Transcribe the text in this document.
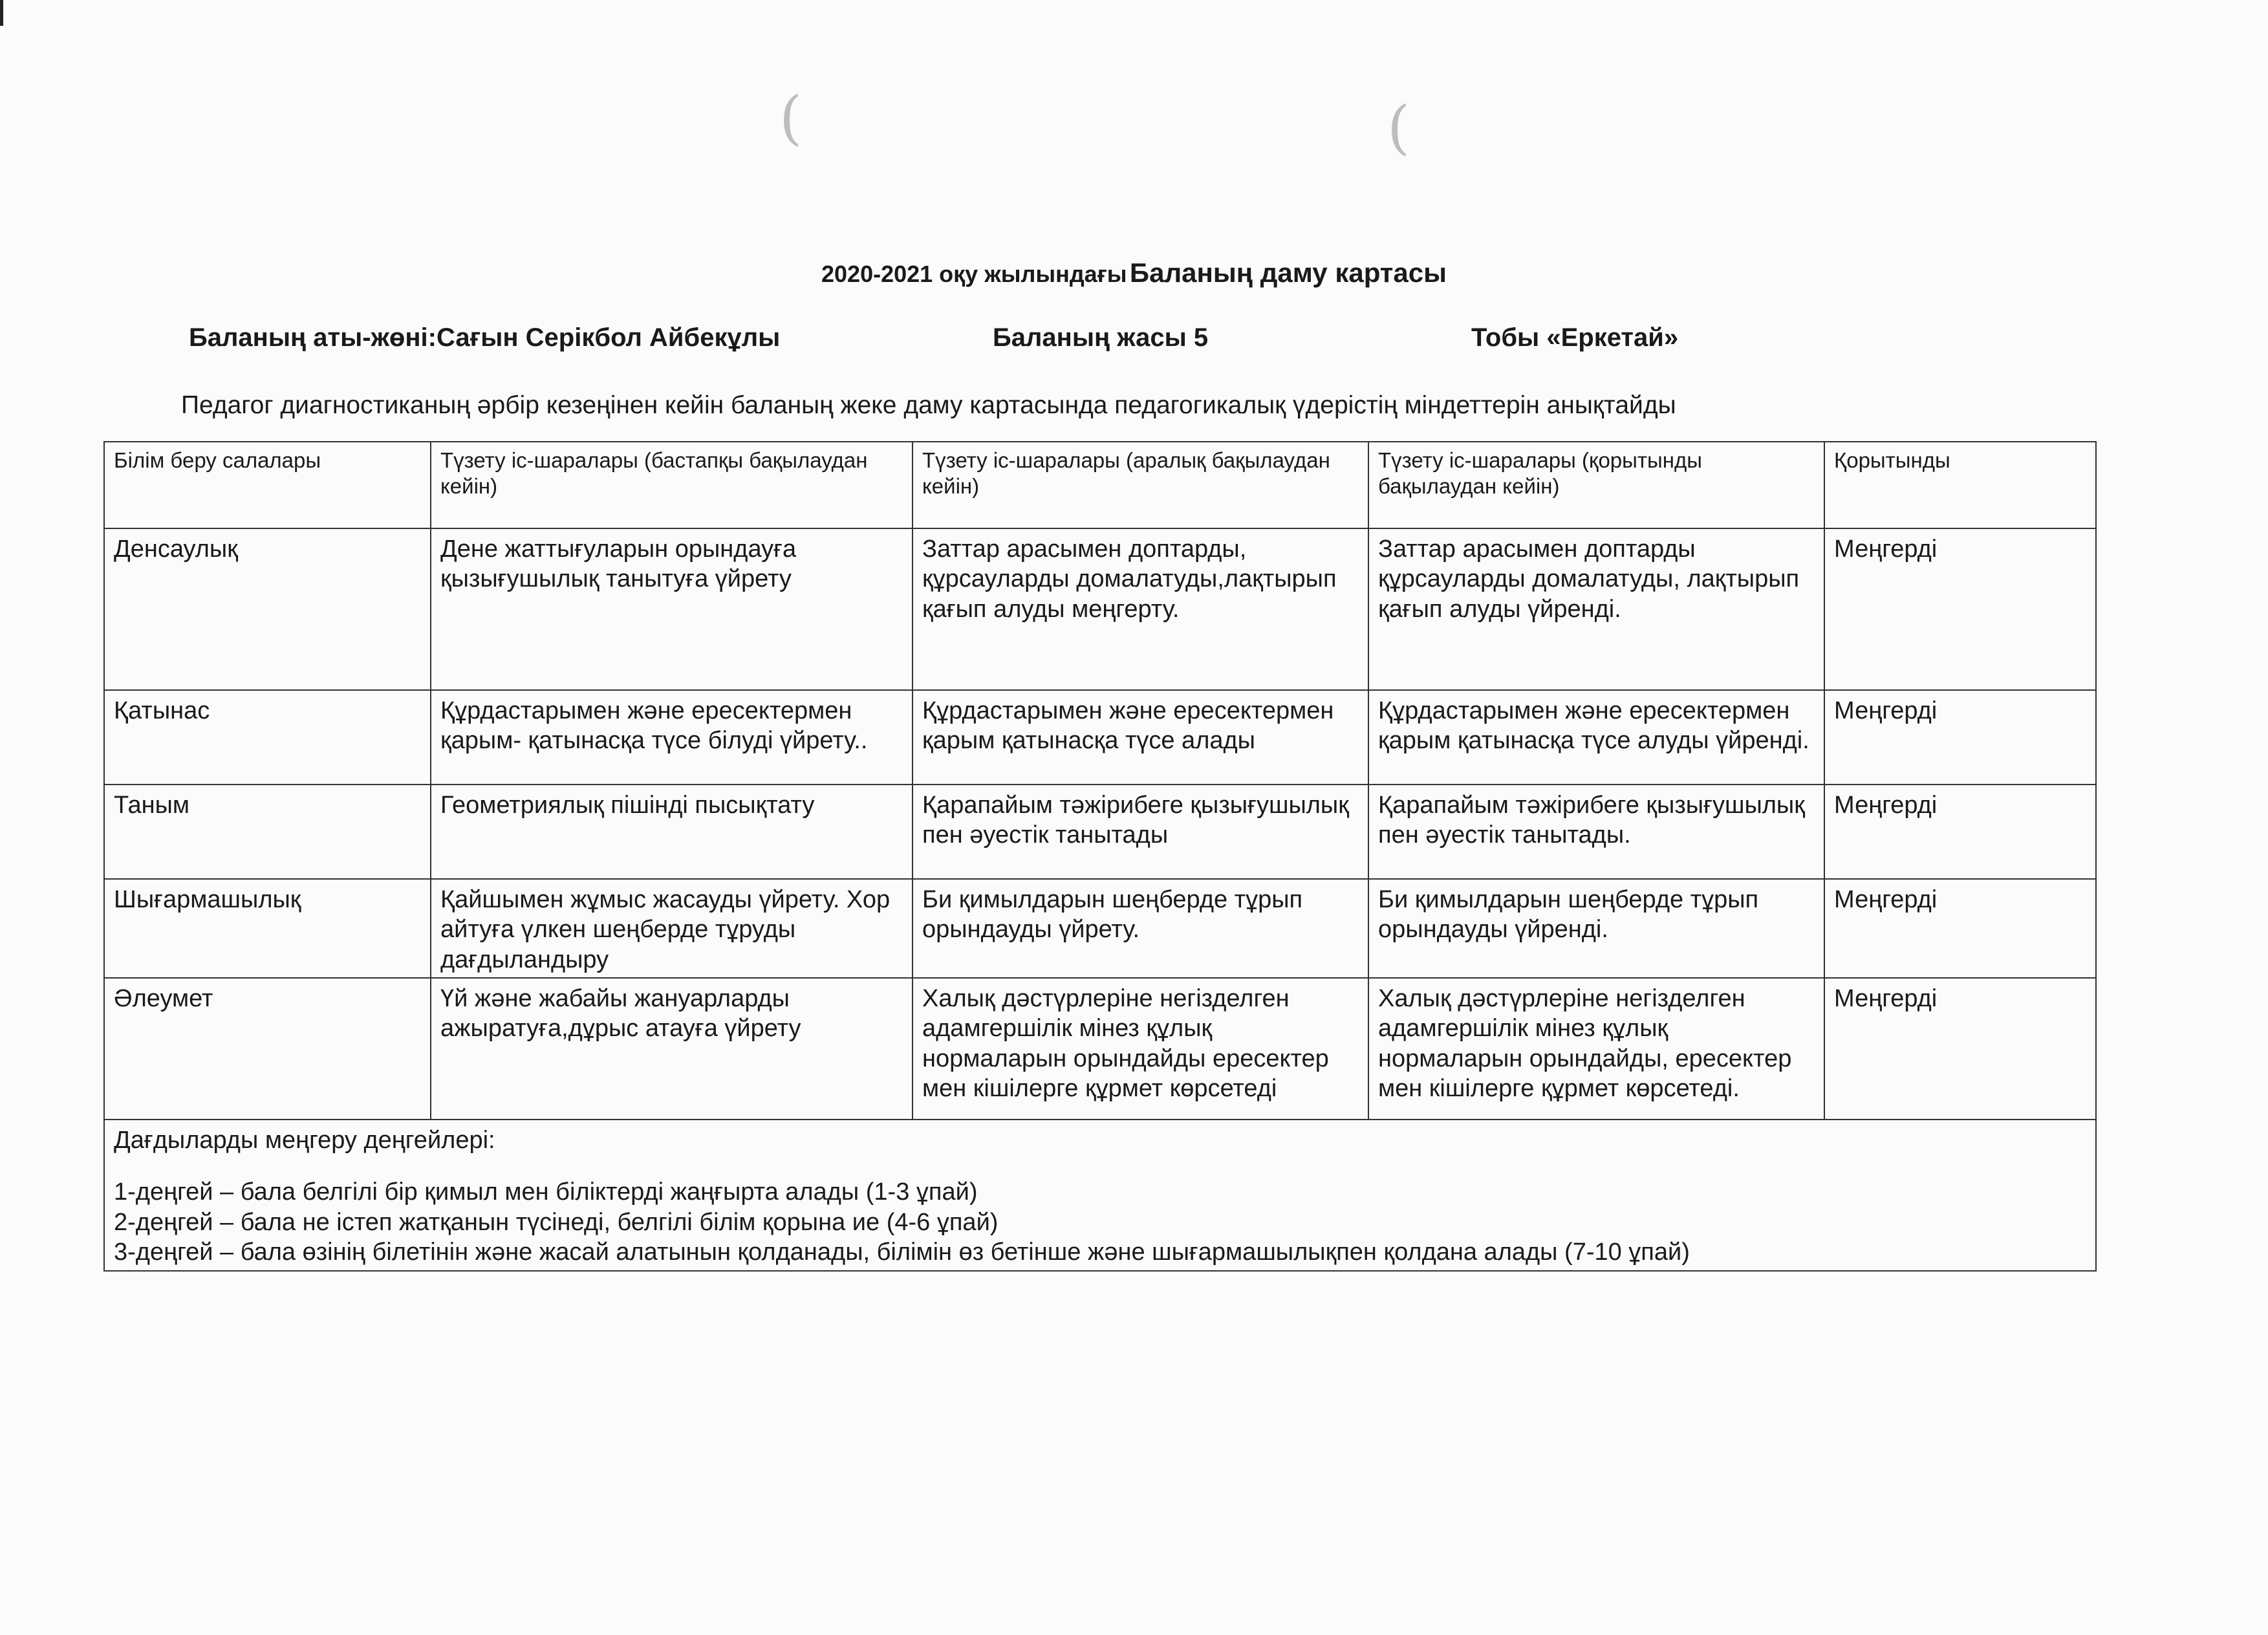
(	(
2020-2021 оқу жылындағы Баланың даму картасы
Баланың аты-жөні:Сағын Серікбол Айбекұлы	Баланың жасы 5	Тобы «Еркетай»
Педагог диагностиканың әрбір кезеңінен кейін баланың жеке даму картасында педагогикалық үдерістің міндеттерін анықтайды
Білім беру салалары	Түзету іс-шаралары (бастапқы бақылаудан кейін)	Түзету іс-шаралары (аралық бақылаудан кейін)	Түзету іс-шаралары (қорытынды бақылаудан кейін)	Қорытынды
Денсаулық	Дене жаттығуларын орындауға қызығушылық танытуға үйрету	Заттар арасымен доптарды, құрсауларды домалатуды,лақтырып қағып алуды меңгерту.	Заттар арасымен доптарды құрсауларды домалатуды, лақтырып қағып алуды үйренді.	Меңгерді
Қатынас	Құрдастарымен және ересектермен қарым- қатынасқа түсе білуді үйрету..	Құрдастарымен және ересектермен қарым қатынасқа түсе алады	Құрдастарымен және ересектермен қарым қатынасқа түсе алуды үйренді.	Меңгерді
Таным	Геометриялық пішінді пысықтату	Қарапайым тәжірибеге қызығушылық пен әуестік танытады	Қарапайым тәжірибеге қызығушылық пен әуестік танытады.	Меңгерді
Шығармашылық	Қайшымен жұмыс жасауды үйрету. Хор айтуға үлкен шеңберде тұруды дағдыландыру	Би қимылдарын шеңберде тұрып орындауды үйрету.	Би қимылдарын шеңберде тұрып орындауды үйренді.	Меңгерді
Әлеумет	Үй және жабайы жануарларды ажыратуға,дұрыс атауға үйрету	Халық дәстүрлеріне негізделген адамгершілік мінез құлық нормаларын орындайды ересектер мен кішілерге құрмет көрсетеді	Халық дәстүрлеріне негізделген адамгершілік мінез құлық нормаларын орындайды, ересектер мен кішілерге құрмет көрсетеді.	Меңгерді

Дағдыларды меңгеру деңгейлері:
1-деңгей – бала белгілі бір қимыл мен біліктерді жаңғырта алады (1-3 ұпай)
2-деңгей – бала не істеп жатқанын түсінеді, белгілі білім қорына ие (4-6 ұпай)
3-деңгей – бала өзінің білетінін және жасай алатынын қолданады, білімін өз бетінше және шығармашылықпен қолдана алады (7-10 ұпай)				
